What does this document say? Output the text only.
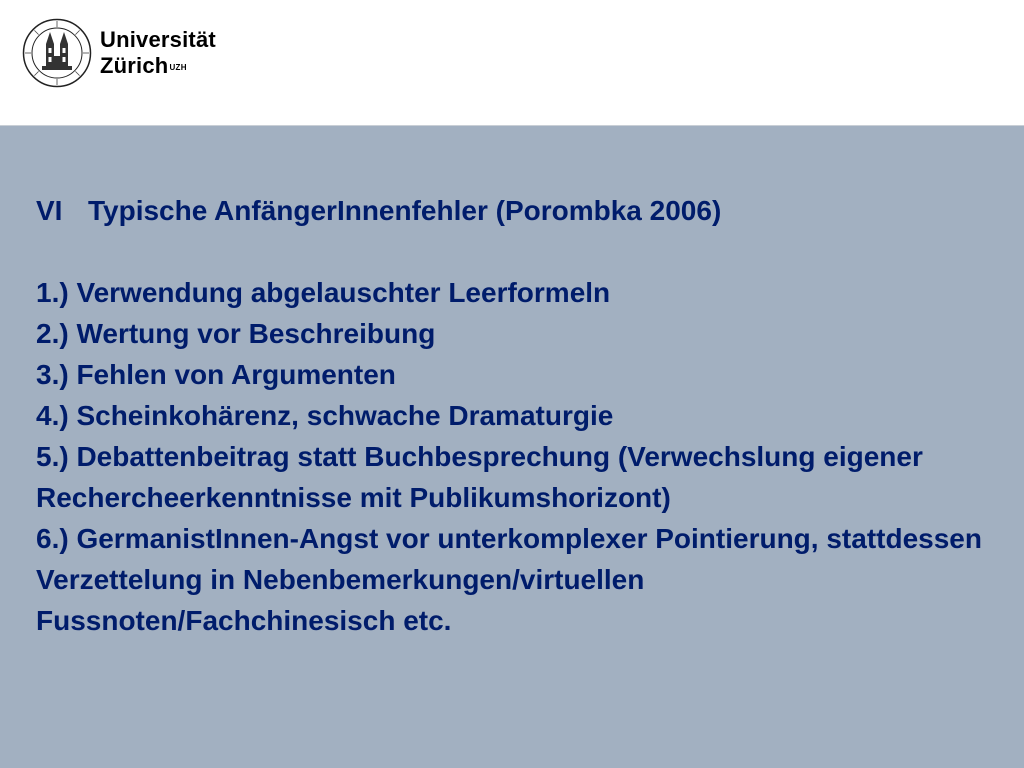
Universität
Zürich$^{UZH}$
VI Typische AnfängerInnenfehler (Porombka 2006)
1.) Verwendung abgelauschter Leerformeln
2.) Wertung vor Beschreibung
3.) Fehlen von Argumenten
4.) Scheinkohärenz, schwache Dramaturgie
5.) Debattenbeitrag statt Buchbesprechung (Verwechslung eigener Rechercheerkenntnisse mit Publikumshorizont)
6.) GermanistInnen-Angst vor unterkomplexer Pointierung, stattdessen Verzettelung in Nebenbemerkungen/virtuellen Fussnoten/Fachchinesisch etc.
